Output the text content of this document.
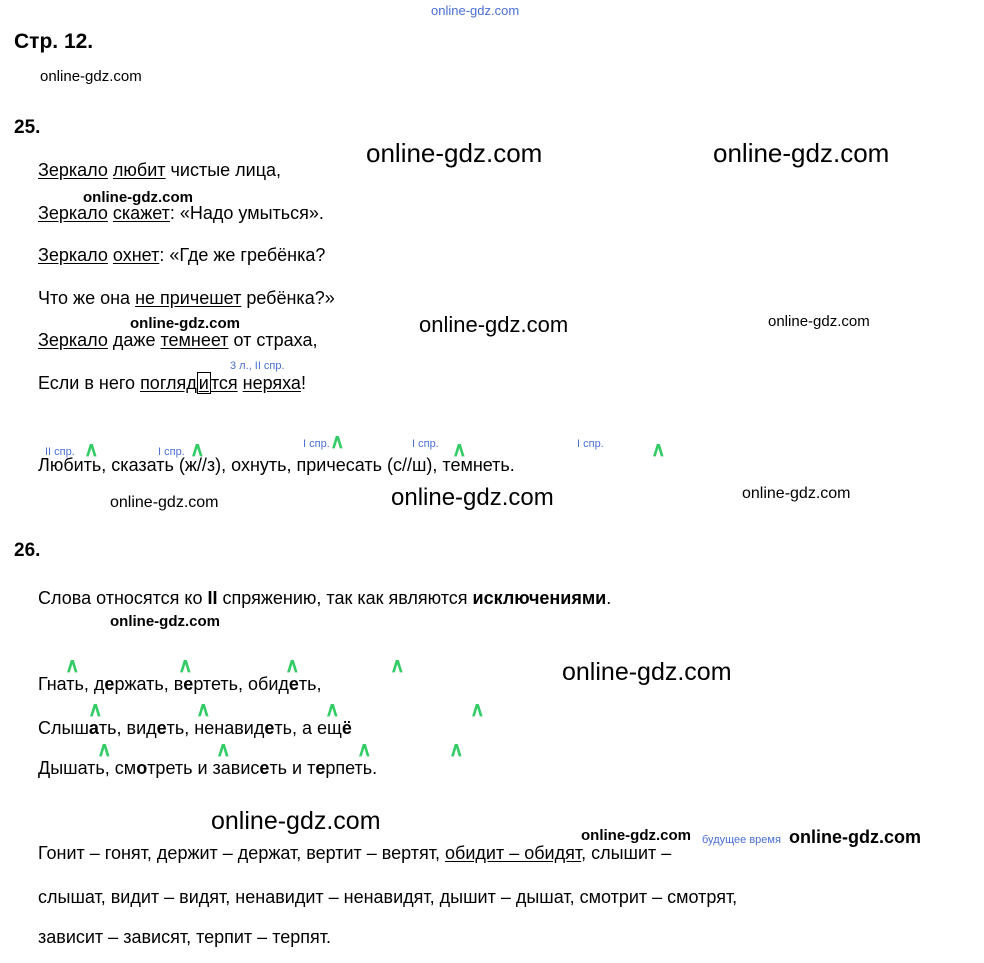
online-gdz.com
Стр. 12.
25.
Зеркало любит чистые лица,
Зеркало скажет: «Надо умыться».
Зеркало охнет: «Где же гребёнка?
Что же она не причешет ребёнка?»
Зеркало даже темнеет от страха,
Если в него погляд и тся неряха!
3 л., II спр.
II спр. ∧	I спр. ∧	I спр. ∧	I спр. ∧	I спр. ∧
Любить, сказать (ж//з), охнуть, причесать (с//ш), темнеть.
26.
Слова относятся ко II спряжению, так как являются исключениями.
Гнать, держать, вертеть, обидеть,
Слышать, видеть, ненавидеть, а ещё
Дышать, смотреть и зависеть и терпеть.
∧	∧	∧	∧
∧	∧	∧	∧
∧	∧	∧	∧
будущее время
Гонит – гонят, держит – держат, вертит – вертят, обидит – обидят, слышит –
слышат, видит – видят, ненавидит – ненавидят, дышит – дышат, смотрит – смотрят,
зависит – зависят, терпит – терпят.
online-gdz.com
online-gdz.com	online-gdz.com
online-gdz.com
online-gdz.com	online-gdz.com	online-gdz.com
online-gdz.com	online-gdz.com	online-gdz.com
online-gdz.com
online-gdz.com
online-gdz.com
online-gdz.com	online-gdz.com
